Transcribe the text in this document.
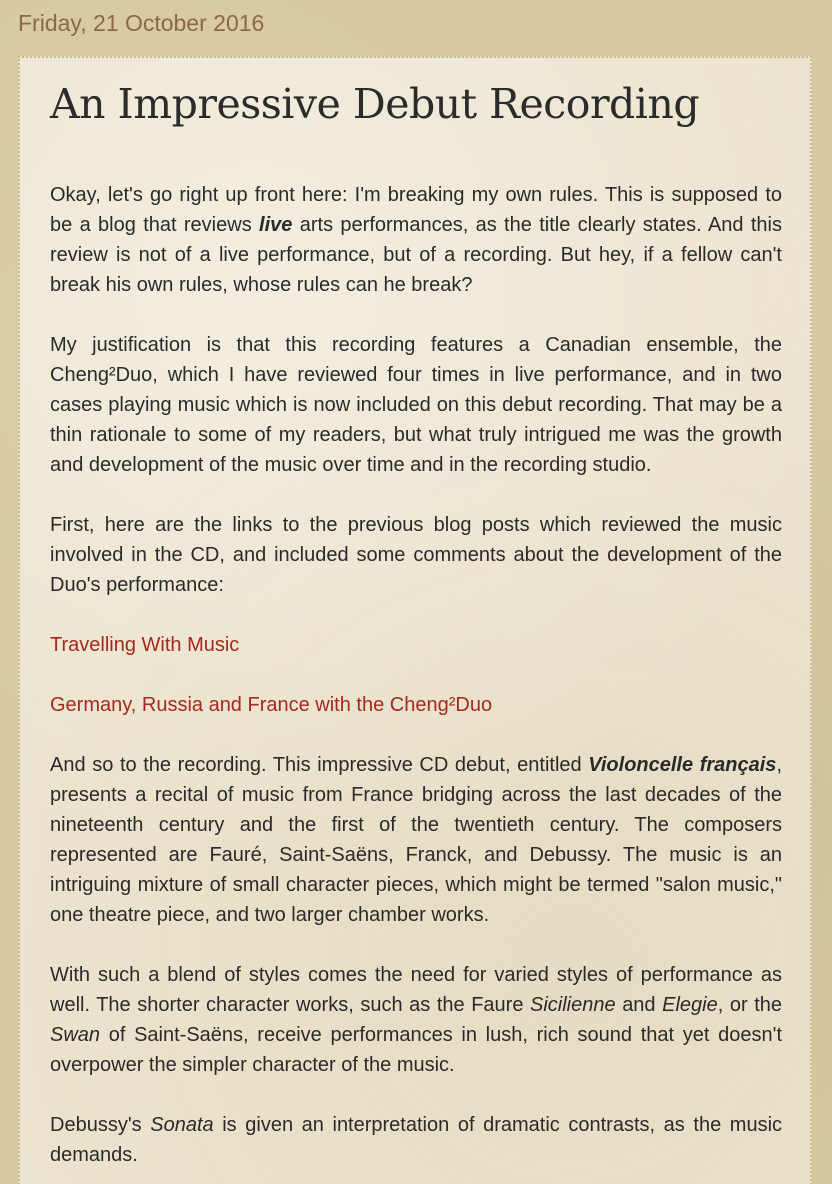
Friday, 21 October 2016
An Impressive Debut Recording

Okay, let's go right up front here: I'm breaking my own rules. This is supposed to be a blog that reviews live arts performances, as the title clearly states. And this review is not of a live performance, but of a recording. But hey, if a fellow can't break his own rules, whose rules can he break?

My justification is that this recording features a Canadian ensemble, the Cheng²Duo, which I have reviewed four times in live performance, and in two cases playing music which is now included on this debut recording. That may be a thin rationale to some of my readers, but what truly intrigued me was the growth and development of the music over time and in the recording studio.

First, here are the links to the previous blog posts which reviewed the music involved in the CD, and included some comments about the development of the Duo's performance:

Travelling With Music

Germany, Russia and France with the Cheng²Duo

And so to the recording. This impressive CD debut, entitled Violoncelle français, presents a recital of music from France bridging across the last decades of the nineteenth century and the first of the twentieth century. The composers represented are Fauré, Saint-Saëns, Franck, and Debussy. The music is an intriguing mixture of small character pieces, which might be termed "salon music," one theatre piece, and two larger chamber works.

With such a blend of styles comes the need for varied styles of performance as well. The shorter character works, such as the Faure Sicilienne and Elegie, or the Swan of Saint-Saëns, receive performances in lush, rich sound that yet doesn't overpower the simpler character of the music.

Debussy's Sonata is given an interpretation of dramatic contrasts, as the music demands.
